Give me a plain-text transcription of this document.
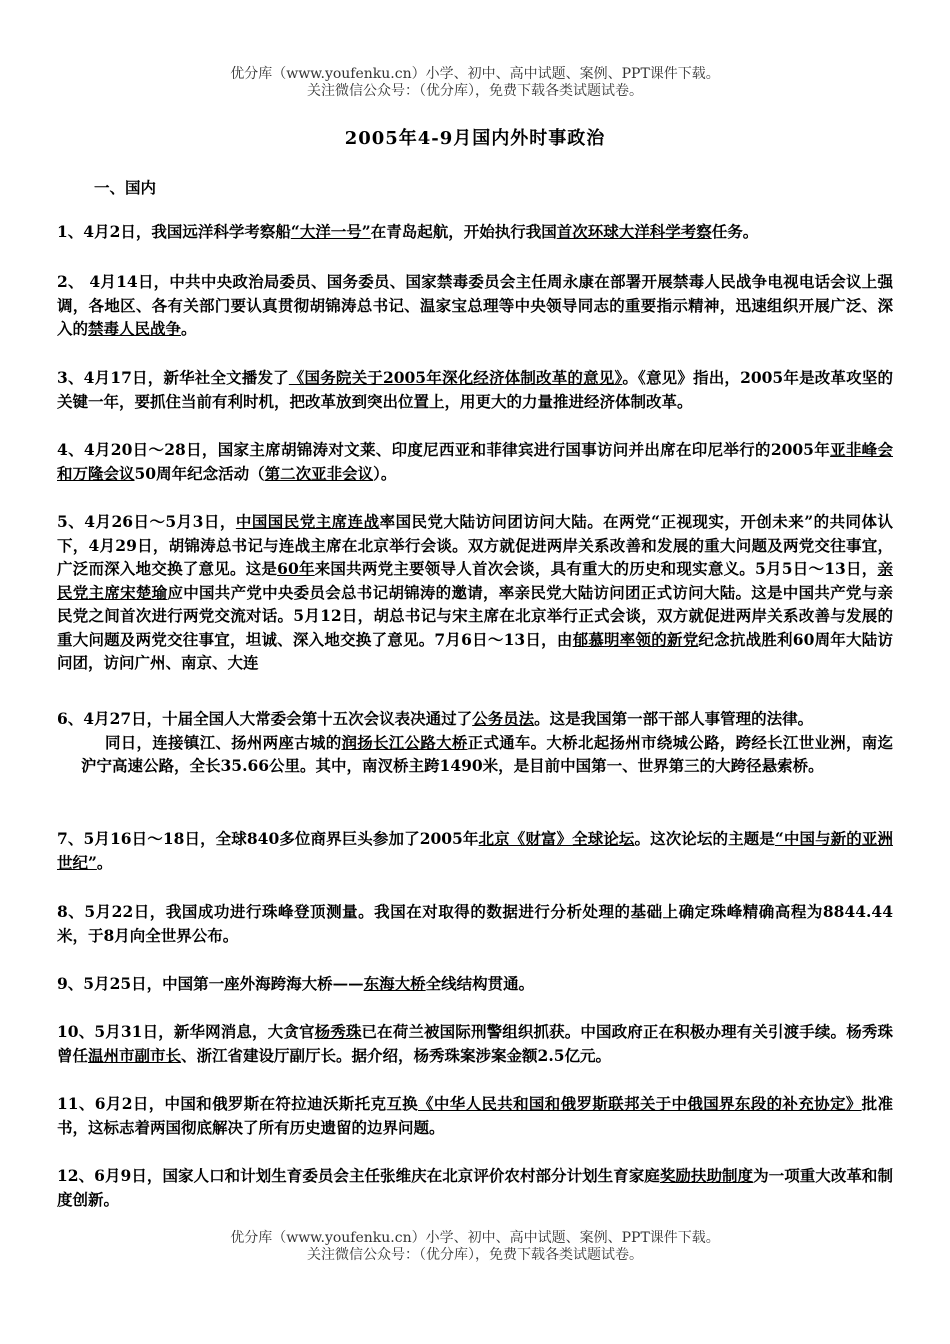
优分库（www.youfenku.cn）小学、初中、高中试题、案例、PPT课件下载。
关注微信公众号：（优分库），免费下载各类试题试卷。
2005年4-9月国内外时事政治
一、国内
1、4月2日，我国远洋科学考察船“大洋一号”在青岛起航，开始执行我国首次环球大洋科学考察任务。
2、 4月14日，中共中央政治局委员、国务委员、国家禁毒委员会主任周永康在部署开展禁毒人民战争电视电话会议上强调，各地区、各有关部门要认真贯彻胡锦涛总书记、温家宝总理等中央领导同志的重要指示精神，迅速组织开展广泛、深入的禁毒人民战争。
3、4月17日，新华社全文播发了《国务院关于2005年深化经济体制改革的意见》。《意见》指出，2005年是改革攻坚的关键一年，要抓住当前有利时机，把改革放到突出位置上，用更大的力量推进经济体制改革。
4、4月20日～28日，国家主席胡锦涛对文莱、印度尼西亚和菲律宾进行国事访问并出席在印尼举行的2005年亚非峰会和万隆会议50周年纪念活动（第二次亚非会议）。
5、4月26日～5月3日，中国国民党主席连战率国民党大陆访问团访问大陆。在两党“正视现实，开创未来”的共同体认下，4月29日，胡锦涛总书记与连战主席在北京举行会谈。双方就促进两岸关系改善和发展的重大问题及两党交往事宜，广泛而深入地交换了意见。这是60年来国共两党主要领导人首次会谈，具有重大的历史和现实意义。5月5日～13日，亲民党主席宋楚瑜应中国共产党中央委员会总书记胡锦涛的邀请，率亲民党大陆访问团正式访问大陆。这是中国共产党与亲民党之间首次进行两党交流对话。5月12日，胡总书记与宋主席在北京举行正式会谈，双方就促进两岸关系改善与发展的重大问题及两党交往事宜，坦诚、深入地交换了意见。7月6日～13日，由郁慕明率领的新党纪念抗战胜利60周年大陆访问团，访问广州、南京、大连
6、4月27日，十届全国人大常委会第十五次会议表决通过了公务员法。这是我国第一部干部人事管理的法律。
同日，连接镇江、扬州两座古城的润扬长江公路大桥正式通车。大桥北起扬州市绕城公路，跨经长江世业洲，南迄沪宁高速公路，全长35.66公里。其中，南汊桥主跨1490米，是目前中国第一、世界第三的大跨径悬索桥。
7、5月16日～18日，全球840多位商界巨头参加了2005年北京《财富》全球论坛。这次论坛的主题是“中国与新的亚洲世纪”。
8、5月22日，我国成功进行珠峰登顶测量。我国在对取得的数据进行分析处理的基础上确定珠峰精确高程为8844.44米，于8月向全世界公布。
9、5月25日，中国第一座外海跨海大桥——东海大桥全线结构贯通。
10、5月31日，新华网消息，大贪官杨秀珠已在荷兰被国际刑警组织抓获。中国政府正在积极办理有关引渡手续。杨秀珠曾任温州市副市长、浙江省建设厅副厅长。据介绍，杨秀珠案涉案金额2.5亿元。
11、6月2日，中国和俄罗斯在符拉迪沃斯托克互换《中华人民共和国和俄罗斯联邦关于中俄国界东段的补充协定》批准书，这标志着两国彻底解决了所有历史遗留的边界问题。
12、6月9日，国家人口和计划生育委员会主任张维庆在北京评价农村部分计划生育家庭奖励扶助制度为一项重大改革和制度创新。
优分库（www.youfenku.cn）小学、初中、高中试题、案例、PPT课件下载。
关注微信公众号：（优分库），免费下载各类试题试卷。
